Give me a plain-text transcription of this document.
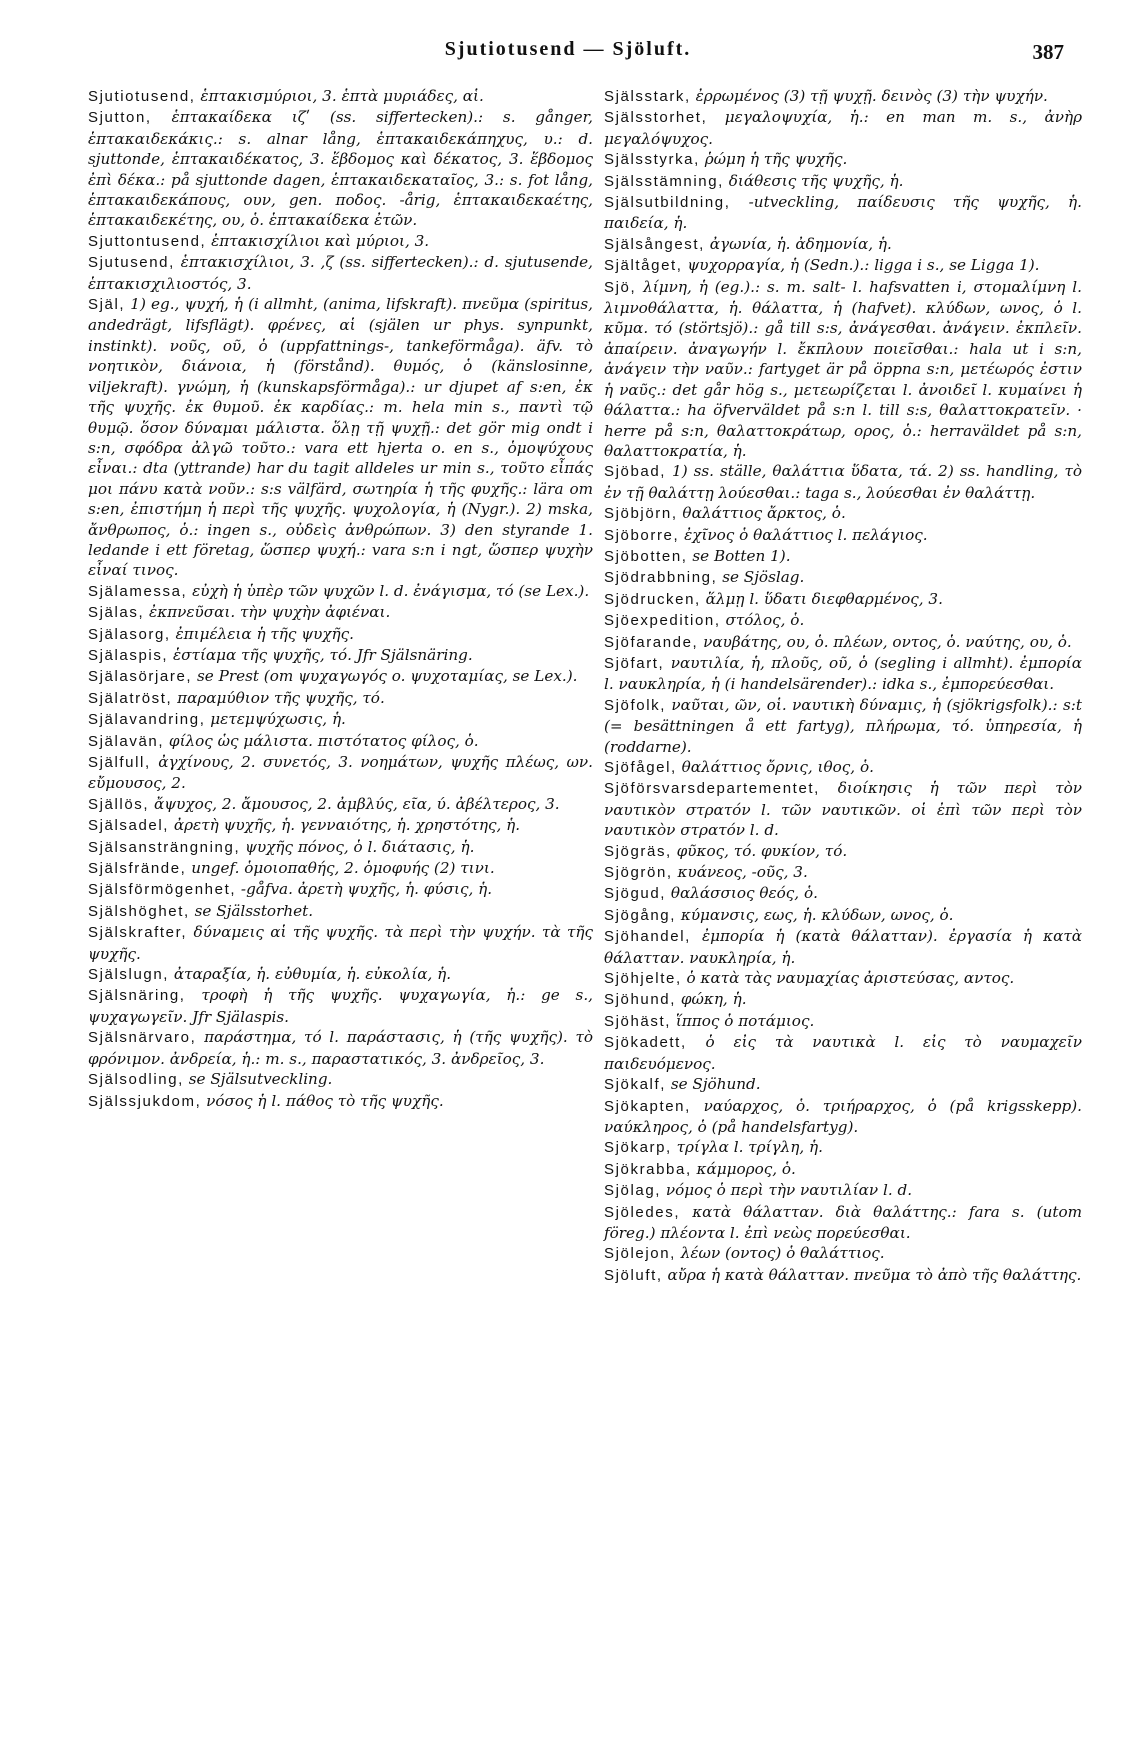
Sjutiotusend — Sjöluft.	387

Sjutiotusend, ἑπτακισμύριοι, 3. ἑπτὰ μυριάδες, αἱ.

Sjutton, ἑπτακαίδεκα ιζʹ (ss. siffertecken).: s. gånger, ἑπτακαιδεκάκις.: s. alnar lång, ἑπτακαιδεκάπηχυς, υ.: d. sjuttonde, ἑπτακαιδέκατος, 3. ἕβδομος καὶ δέκατος, 3. ἕβδομος ἐπὶ δέκα.: på sjuttonde dagen, ἑπτακαιδεκαταῖος, 3.: s. fot lång, ἑπτακαιδεκάπους, ουν, gen. ποδος. -årig, ἑπτακαιδεκαέτης, ἑπτακαιδεκέτης, ου, ὁ. ἑπτακαίδεκα ἐτῶν.

Sjuttontusend, ἑπτακισχίλιοι καὶ μύριοι, 3.

Sjutusend, ἑπτακισχίλιοι, 3. ,ζ (ss. siffertecken).: d. sjutusende, ἑπτακισχιλιοστός, 3.

Själ, 1) eg., ψυχή, ἡ (i allmht, (anima, lifskraft). πνεῦμα (spiritus, andedrägt, lifsflägt). φρένες, αἱ (själen ur phys. synpunkt, instinkt). νοῦς, οῦ, ὁ (uppfattnings-, tankeförmåga). äfv. τὸ νοητικὸν, διάνοια, ἡ (förstånd). θυμός, ὁ (känslosinne, viljekraft). γνώμη, ἡ (kunskapsförmåga).: ur djupet af s:en, ἐκ τῆς ψυχῆς. ἐκ θυμοῦ. ἐκ καρδίας.: m. hela min s., παντὶ τῷ θυμῷ. ὅσον δύναμαι μάλιστα. ὅλῃ τῇ ψυχῇ.: det gör mig ondt i s:n, σφόδρα ἀλγῶ τοῦτο.: vara ett hjerta o. en s., ὁμοψύχους εἶναι.: dta (yttrande) har du tagit alldeles ur min s., τοῦτο εἶπάς μοι πάνυ κατὰ νοῦν.: s:s välfärd, σωτηρία ἡ τῆς φυχῆς.: lära om s:en, ἐπιστήμη ἡ περὶ τῆς ψυχῆς. ψυχολογία, ἡ (Nygr.). 2) mska, ἄνθρωπος, ὁ.: ingen s., οὐδεὶς ἀνθρώπων. 3) den styrande 1. ledande i ett företag, ὥσπερ ψυχή.: vara s:n i ngt, ὥσπερ ψυχὴν εἶναί τινος.

Själamessa, εὐχὴ ἡ ὑπὲρ τῶν ψυχῶν l. d. ἐνάγισμα, τό (se Lex.).

Själas, ἐκπνεῦσαι. τὴν ψυχὴν ἀφιέναι.

Själasorg, ἐπιμέλεια ἡ τῆς ψυχῆς.

Själaspis, ἑστίαμα τῆς ψυχῆς, τό. Jfr Själsnäring.

Själasörjare, se Prest (om ψυχαγωγός o. ψυχοταμίας, se Lex.).

Själatröst, παραμύθιον τῆς ψυχῆς, τό.

Själavandring, μετεμψύχωσις, ἡ.

Själavän, φίλος ὡς μάλιστα. πιστότατος φίλος, ὁ.

Själfull, ἀγχίνους, 2. συνετός, 3. νοημάτων, ψυχῆς πλέως, ων. εὔμουσος, 2.

Själlös, ἄψυχος, 2. ἄμουσος, 2. ἀμβλύς, εῖα, ύ. ἀβέλτερος, 3.

Själsadel, ἀρετὴ ψυχῆς, ἡ. γενναιότης, ἡ. χρηστότης, ἡ.

Själsansträngning, ψυχῆς πόνος, ὁ l. διάτασις, ἡ.

Själsfrände, ungef. ὁμοιοπαθής, 2. ὁμοφυής (2) τινι.

Själsförmögenhet, -gåfva. ἀρετὴ ψυχῆς, ἡ. φύσις, ἡ.

Själshöghet, se Själsstorhet.

Själskrafter, δύναμεις αἱ τῆς ψυχῆς. τὰ περὶ τὴν ψυχήν. τὰ τῆς ψυχῆς.

Själslugn, ἀταραξία, ἡ. εὐθυμία, ἡ. εὐκολία, ἡ.

Själsnäring, τροφὴ ἡ τῆς ψυχῆς. ψυχαγωγία, ἡ.: ge s., ψυχαγωγεῖν. Jfr Själaspis.

Själsnärvaro, παράστημα, τό l. παράστασις, ἡ (τῆς ψυχῆς). τὸ φρόνιμον. ἀνδρεία, ἡ.: m. s., παραστατικός, 3. ἀνδρεῖος, 3.

Själsodling, se Själsutveckling.

Själssjukdom, νόσος ἡ l. πάθος τὸ τῆς ψυχῆς.

Själsstark, ἐρρωμένος (3) τῇ ψυχῇ. δεινὸς (3) τὴν ψυχήν.

Själsstorhet, μεγαλοψυχία, ἡ.: en man m. s., ἀνὴρ μεγαλόψυχος.

Själsstyrka, ῥώμη ἡ τῆς ψυχῆς.

Själsstämning, διάθεσις τῆς ψυχῆς, ἡ.

Själsutbildning, -utveckling, παίδευσις τῆς ψυχῆς, ἡ. παιδεία, ἡ.

Själsångest, ἀγωνία, ἡ. ἀδημονία, ἡ.

Själtåget, ψυχορραγία, ἡ (Sedn.).: ligga i s., se Ligga 1).

Sjö, λίμνη, ἡ (eg.).: s. m. salt- l. hafsvatten i, στομαλίμνη l. λιμνοθάλαττα, ἡ. θάλαττα, ἡ (hafvet). κλύδων, ωνος, ὁ l. κῦμα. τό (störtsjö).: gå till s:s, ἀνάγεσθαι. ἀνάγειν. ἐκπλεῖν. ἀπαίρειν. ἀναγωγήν l. ἔκπλουν ποιεῖσθαι.: hala ut i s:n, ἀνάγειν τὴν ναῦν.: fartyget är på öppna s:n, μετέωρός ἐστιν ἡ ναῦς.: det går hög s., μετεωρίζεται l. ἀνοιδεῖ l. κυμαίνει ἡ θάλαττα.: ha öfverväldet på s:n l. till s:s, θαλαττοκρατεῖν. · herre på s:n, θαλαττοκράτωρ, ορος, ὁ.: herraväldet på s:n, θαλαττοκρατία, ἡ.

Sjöbad, 1) ss. ställe, θαλάττια ὕδατα, τά. 2) ss. handling, τὸ ἐν τῇ θαλάττῃ λούεσθαι.: taga s., λούεσθαι ἐν θαλάττῃ.

Sjöbjörn, θαλάττιος ἄρκτος, ὁ.

Sjöborre, ἐχῖνος ὁ θαλάττιος l. πελάγιος.

Sjöbotten, se Botten 1).

Sjödrabbning, se Sjöslag.

Sjödrucken, ἅλμῃ l. ὕδατι διεφθαρμένος, 3.

Sjöexpedition, στόλος, ὁ.

Sjöfarande, ναυβάτης, ου, ὁ. πλέων, οντος, ὁ. ναύτης, ου, ὁ.

Sjöfart, ναυτιλία, ἡ, πλοῦς, οῦ, ὁ (segling i allmht). ἐμπορία l. ναυκληρία, ἡ (i handelsärender).: idka s., ἐμπορεύεσθαι.

Sjöfolk, ναῦται, ῶν, οἱ. ναυτικὴ δύναμις, ἡ (sjökrigsfolk).: s:t (= besättningen å ett fartyg), πλήρωμα, τό. ὑπηρεσία, ἡ (roddarne).

Sjöfågel, θαλάττιος ὄρνις, ιθος, ὁ.

Sjöförsvarsdepartementet, διοίκησις ἡ τῶν περὶ τὸν ναυτικὸν στρατόν l. τῶν ναυτικῶν. οἱ ἐπὶ τῶν περὶ τὸν ναυτικὸν στρατόν l. d.

Sjögräs, φῦκος, τό. φυκίον, τό.

Sjögrön, κυάνεος, -οῦς, 3.

Sjögud, θαλάσσιος θεός, ὁ.

Sjögång, κύμανσις, εως, ἡ. κλύδων, ωνος, ὁ.

Sjöhandel, ἐμπορία ἡ (κατὰ θάλατταν). ἐργασία ἡ κατὰ θάλατταν. ναυκληρία, ἡ.

Sjöhjelte, ὁ κατὰ τὰς ναυμαχίας ἀριστεύσας, αντος.

Sjöhund, φώκη, ἡ.

Sjöhäst, ἵππος ὁ ποτάμιος.

Sjökadett, ὁ εἰς τὰ ναυτικὰ l. εἰς τὸ ναυμαχεῖν παιδευόμενος.

Sjökalf, se Sjöhund.

Sjökapten, ναύαρχος, ὁ. τριήραρχος, ὁ (på krigsskepp). ναύκληρος, ὁ (på handelsfartyg).

Sjökarp, τρίγλα l. τρίγλη, ἡ.

Sjökrabba, κάμμορος, ὁ.

Sjölag, νόμος ὁ περὶ τὴν ναυτιλίαν l. d.

Sjöledes, κατὰ θάλατταν. διὰ θαλάττης.: fara s. (utom föreg.) πλέοντα l. ἐπὶ νεὼς πορεύεσθαι.

Sjölejon, λέων (οντος) ὁ θαλάττιος.

Sjöluft, αὔρα ἡ κατὰ θάλατταν. πνεῦμα τὸ ἀπὸ τῆς θαλάττης.
